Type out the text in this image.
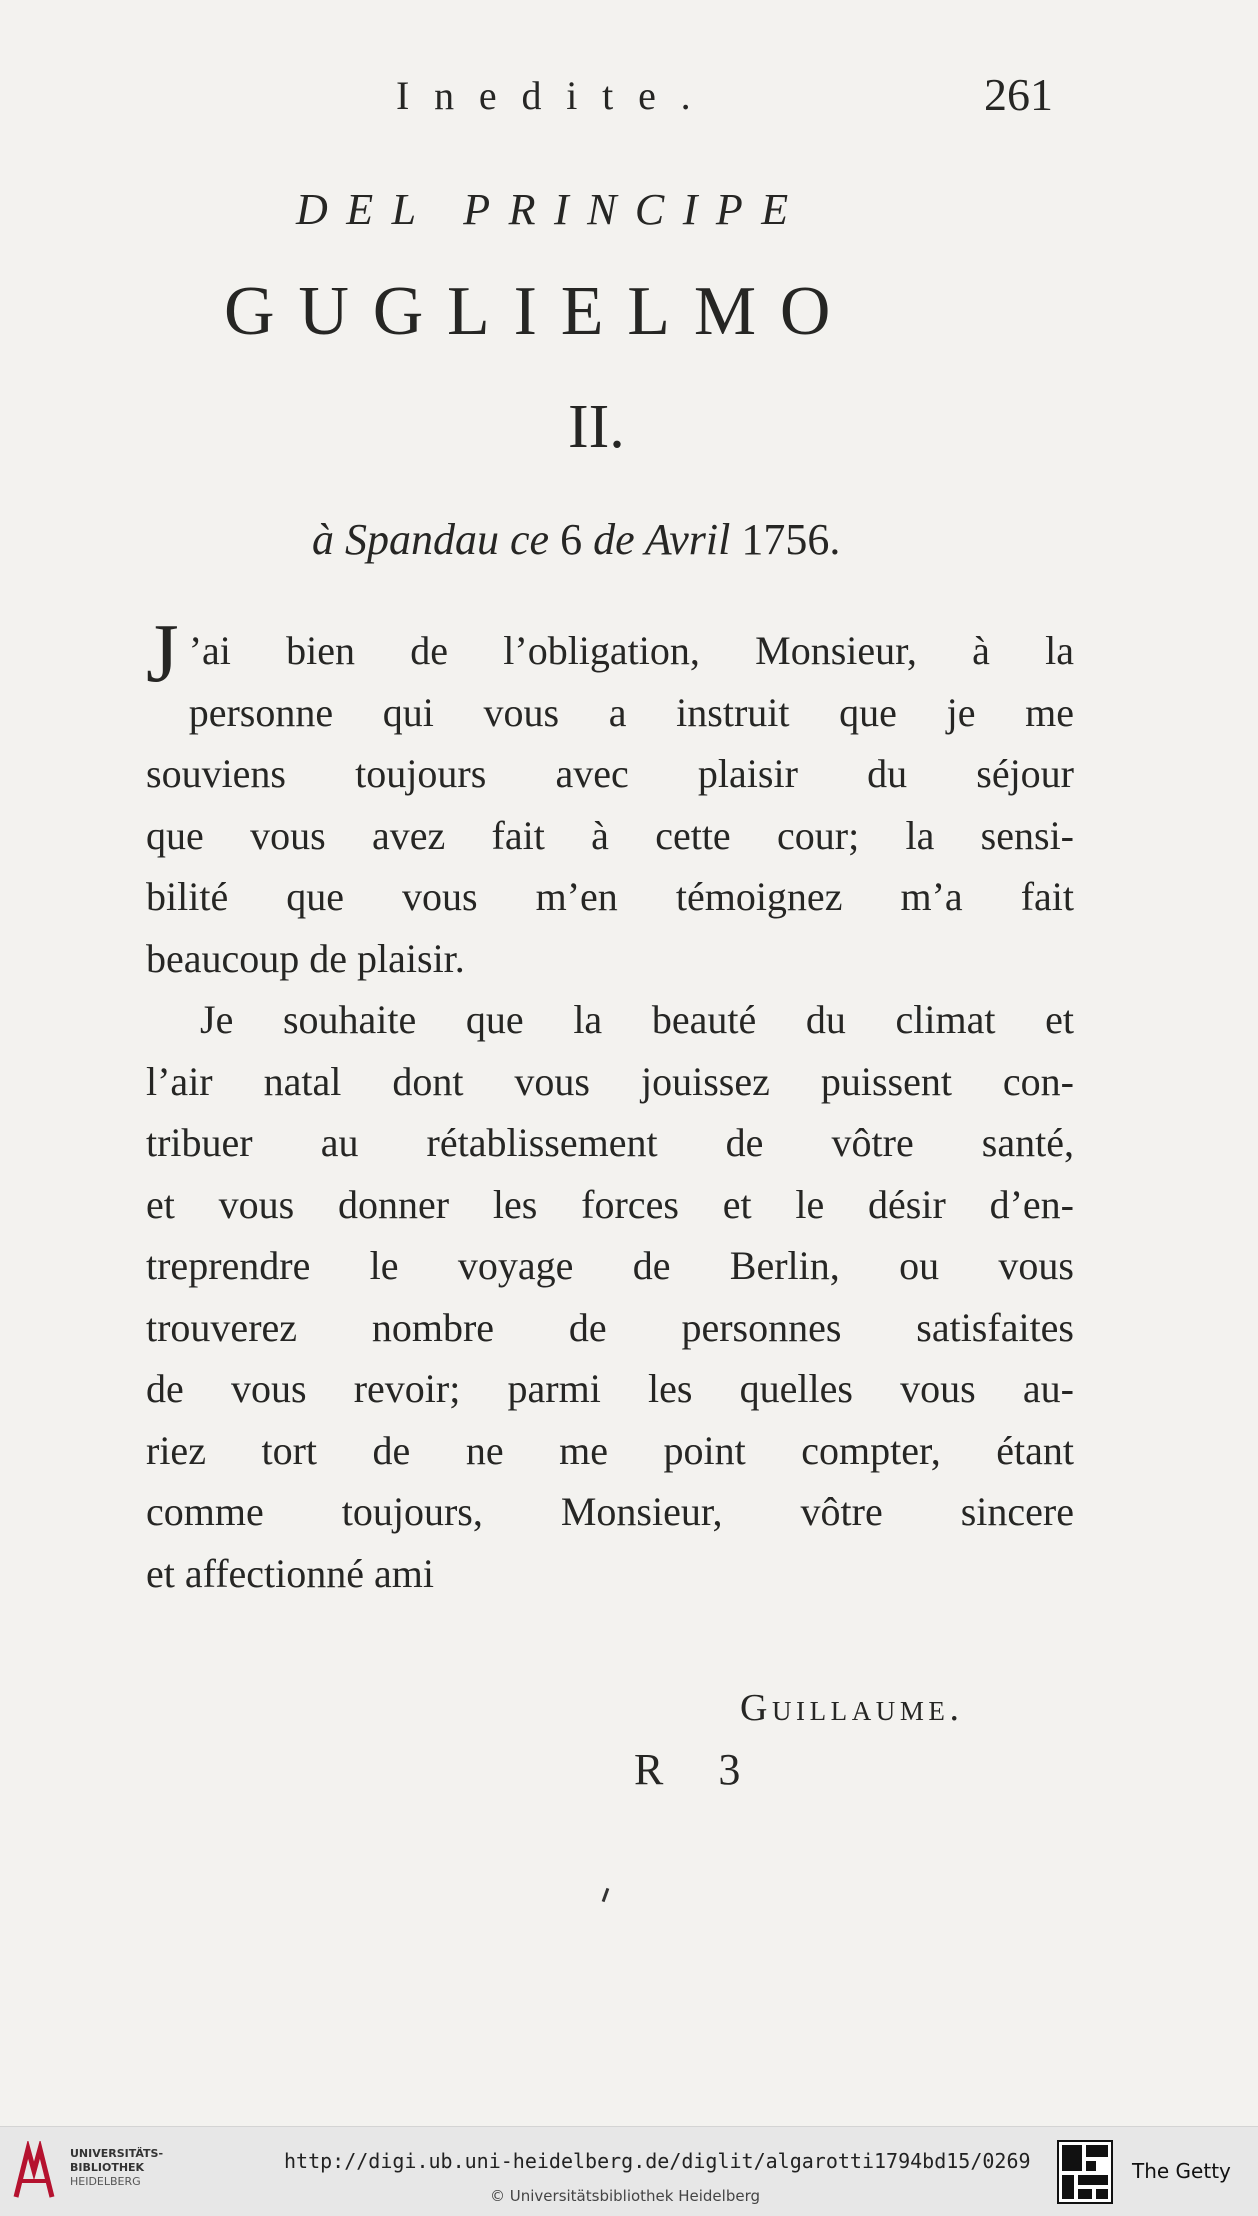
Inedite.	261
DEL PRINCIPE
GUGLIELMO
II.
à Spandau ce 6 de Avril 1756.
J ’ai bien de l’obligation, Monsieur, à la
personne qui vous a instruit que je me
souviens toujours avec plaisir du séjour
que vous avez fait à cette cour; la sensi-
bilité que vous m’en témoignez m’a fait
beaucoup de plaisir.
Je souhaite que la beauté du climat et
l’air natal dont vous jouissez puissent con-
tribuer au rétablissement de vôtre santé,
et vous donner les forces et le désir d’en-
treprendre le voyage de Berlin, ou vous
trouverez nombre de personnes satisfaites
de vous revoir; parmi les quelles vous au-
riez tort de ne me point compter, étant
comme toujours, Monsieur, vôtre sincere
et affectionné ami
Guillaume.
R 3
UNIVERSITÄTS-
BIBLIOTHEK
HEIDELBERG
http://digi.ub.uni-heidelberg.de/diglit/algarotti1794bd15/0269
© Universitätsbibliothek Heidelberg
The Getty
